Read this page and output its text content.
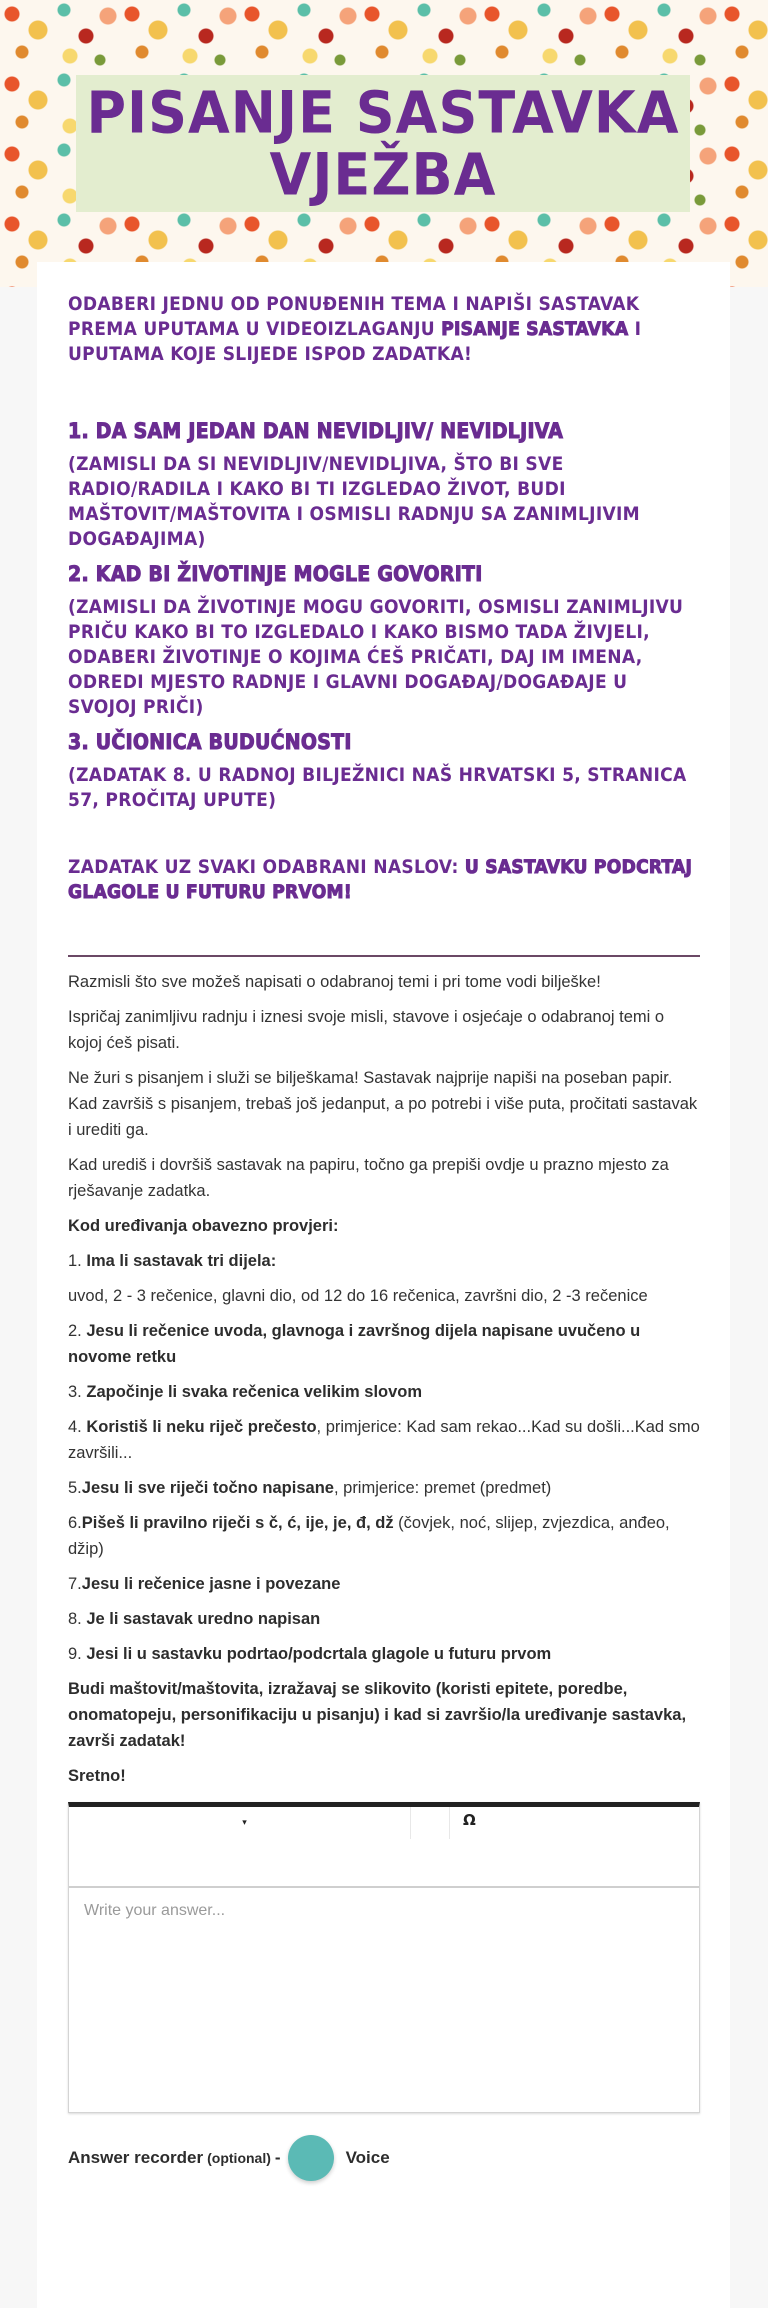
PISANJE SASTAVKA
VJEŽBA
ODABERI JEDNU OD PONUĐENIH TEMA I NAPIŠI SASTAVAK PREMA UPUTAMA U VIDEOIZLAGANJU PISANJE SASTAVKA I UPUTAMA KOJE SLIJEDE ISPOD ZADATKA!
1. DA SAM JEDAN DAN NEVIDLJIV/ NEVIDLJIVA
(ZAMISLI DA SI NEVIDLJIV/NEVIDLJIVA, ŠTO BI SVE RADIO/RADILA I KAKO BI TI IZGLEDAO ŽIVOT, BUDI MAŠTOVIT/MAŠTOVITA I OSMISLI RADNJU SA ZANIMLJIVIM DOGAĐAJIMA)
2. KAD BI ŽIVOTINJE MOGLE GOVORITI
(ZAMISLI DA ŽIVOTINJE MOGU GOVORITI, OSMISLI ZANIMLJIVU PRIČU KAKO BI TO IZGLEDALO I KAKO BISMO TADA ŽIVJELI, ODABERI ŽIVOTINJE O KOJIMA ĆEŠ PRIČATI, DAJ IM IMENA, ODREDI MJESTO RADNJE I GLAVNI DOGAĐAJ/DOGAĐAJE U SVOJOJ PRIČI)
3. UČIONICA BUDUĆNOSTI
(ZADATAK 8. U RADNOJ BILJEŽNICI NAŠ HRVATSKI 5, STRANICA 57, PROČITAJ UPUTE)
ZADATAK UZ SVAKI ODABRANI NASLOV: U SASTAVKU PODCRTAJ GLAGOLE U FUTURU PRVOM!

Razmisli što sve možeš napisati o odabranoj temi i pri tome vodi bilješke!

Ispričaj zanimljivu radnju i iznesi svoje misli, stavove i osjećaje o odabranoj temi o kojoj ćeš pisati.

Ne žuri s pisanjem i služi se bilješkama! Sastavak najprije napiši na poseban papir. Kad završiš s pisanjem, trebaš još jedanput, a po potrebi i više puta, pročitati sastavak i urediti ga.

Kad urediš i dovršiš sastavak na papiru, točno ga prepiši ovdje u prazno mjesto za rješavanje zadatka.

Kod uređivanja obavezno provjeri:

1. Ima li sastavak tri dijela:

uvod, 2 - 3 rečenice, glavni dio, od 12 do 16 rečenica, završni dio, 2 -3 rečenice

2. Jesu li rečenice uvoda, glavnoga i završnog dijela napisane uvučeno u novome retku

3. Započinje li svaka rečenica velikim slovom

4. Koristiš li neku riječ prečesto, primjerice: Kad sam rekao...Kad su došli...Kad smo završili...

5.Jesu li sve riječi točno napisane, primjerice: premet (predmet)

6.Pišeš li pravilno riječi s č, ć, ije, je, đ, dž (čovjek, noć, slijep, zvjezdica, anđeo, džip)

7.Jesu li rečenice jasne i povezane

8. Je li sastavak uredno napisan

9. Jesi li u sastavku podrtao/podcrtala glagole u futuru prvom

Budi maštovit/maštovita, izražavaj se slikovito (koristi epitete, poredbe, onomatopeju, personifikaciju u pisanju) i kad si završio/la uređivanje sastavka, završi zadatak!

Sretno!

▾	Ω
Write your answer...
Answer recorder (optional) -	Voice
